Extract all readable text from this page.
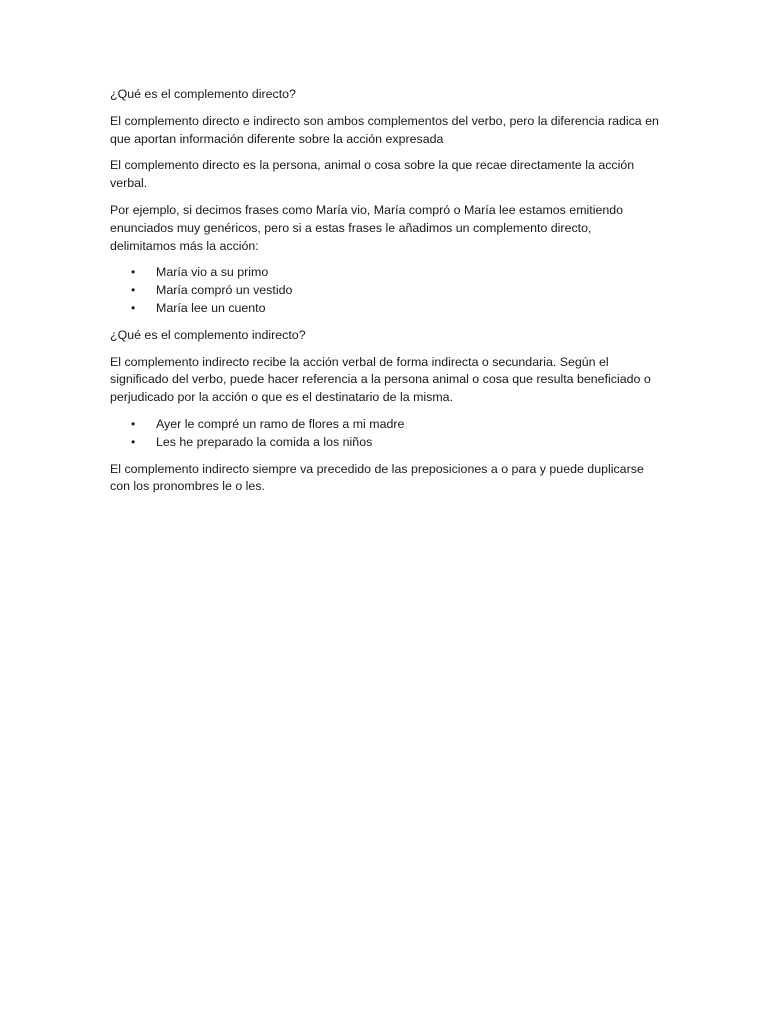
¿Qué es el complemento directo?

El complemento directo e indirecto son ambos complementos del verbo, pero la diferencia radica en que aportan información diferente sobre la acción expresada

El complemento directo es la persona, animal o cosa sobre la que recae directamente la acción verbal.

Por ejemplo, si decimos frases como María vio, María compró o María lee estamos emitiendo enunciados muy genéricos, pero si a estas frases le añadimos un complemento directo, delimitamos más la acción:

• María vio a su primo
• María compró un vestido
• María lee un cuento

¿Qué es el complemento indirecto?

El complemento indirecto recibe la acción verbal de forma indirecta o secundaria. Según el significado del verbo, puede hacer referencia a la persona animal o cosa que resulta beneficiado o perjudicado por la acción o que es el destinatario de la misma.

• Ayer le compré un ramo de flores a mi madre
• Les he preparado la comida a los niños

El complemento indirecto siempre va precedido de las preposiciones a o para y puede duplicarse con los pronombres le o les.
